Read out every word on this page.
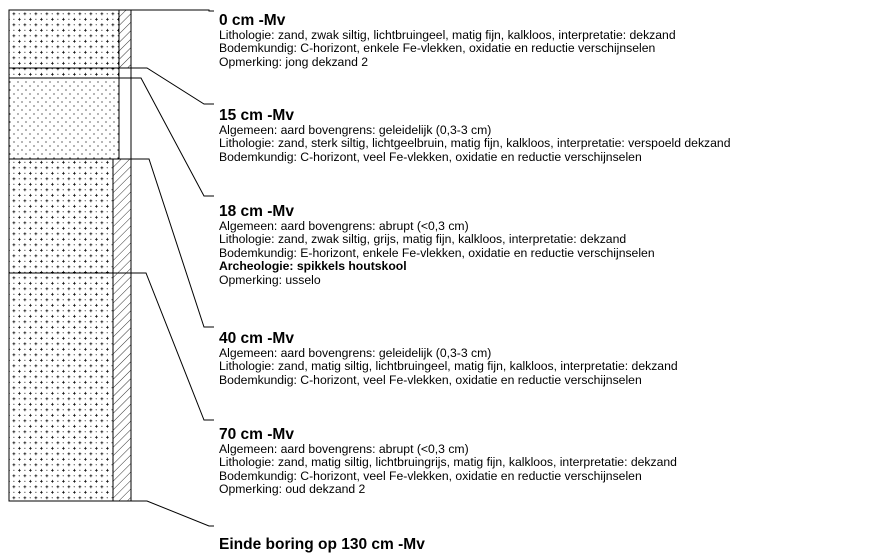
0 cm -Mv
Lithologie: zand, zwak siltig, lichtbruingeel, matig fijn, kalkloos, interpretatie: dekzand
Bodemkundig: C-horizont, enkele Fe-vlekken, oxidatie en reductie verschijnselen
Opmerking: jong dekzand 2
15 cm -Mv
Algemeen: aard bovengrens: geleidelijk (0,3-3 cm)
Lithologie: zand, sterk siltig, lichtgeelbruin, matig fijn, kalkloos, interpretatie: verspoeld dekzand
Bodemkundig: C-horizont, veel Fe-vlekken, oxidatie en reductie verschijnselen
18 cm -Mv
Algemeen: aard bovengrens: abrupt (<0,3 cm)
Lithologie: zand, zwak siltig, grijs, matig fijn, kalkloos, interpretatie: dekzand
Bodemkundig: E-horizont, enkele Fe-vlekken, oxidatie en reductie verschijnselen
Archeologie: spikkels houtskool
Opmerking: usselo
40 cm -Mv
Algemeen: aard bovengrens: geleidelijk (0,3-3 cm)
Lithologie: zand, matig siltig, lichtbruingeel, matig fijn, kalkloos, interpretatie: dekzand
Bodemkundig: C-horizont, veel Fe-vlekken, oxidatie en reductie verschijnselen
70 cm -Mv
Algemeen: aard bovengrens: abrupt (<0,3 cm)
Lithologie: zand, matig siltig, lichtbruingrijs, matig fijn, kalkloos, interpretatie: dekzand
Bodemkundig: C-horizont, veel Fe-vlekken, oxidatie en reductie verschijnselen
Opmerking: oud dekzand 2
Einde boring op 130 cm -Mv
